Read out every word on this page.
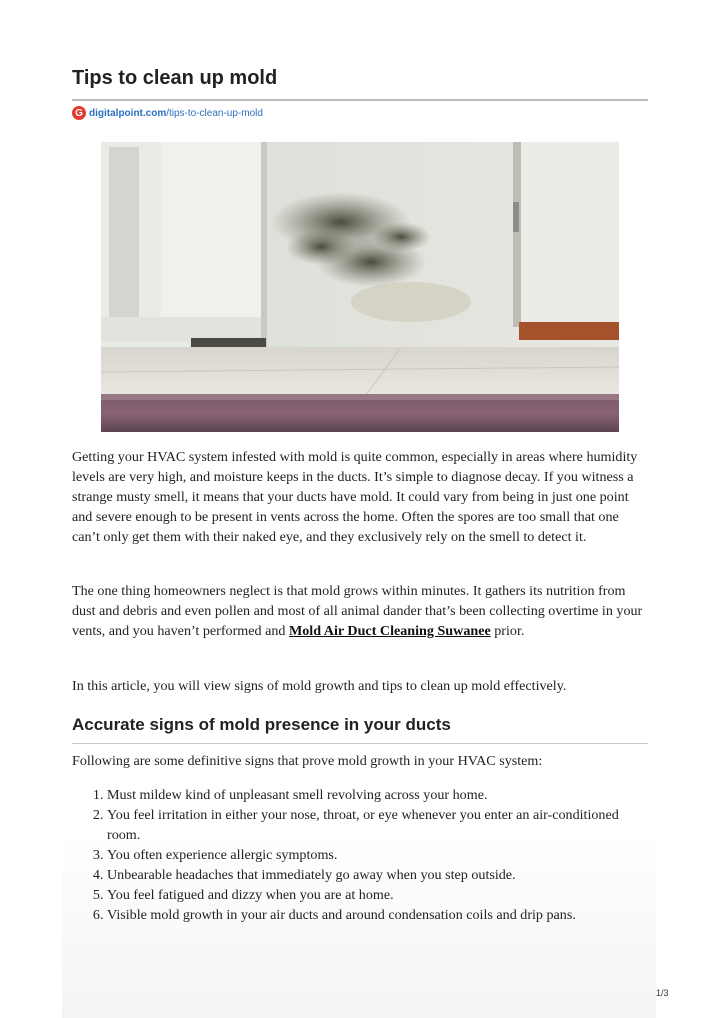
Tips to clean up mold
G digitalpoint.com /tips-to-clean-up-mold

Getting your HVAC system infested with mold is quite common, especially in areas where humidity levels are very high, and moisture keeps in the ducts. It’s simple to diagnose decay. If you witness a strange musty smell, it means that your ducts have mold. It could vary from being in just one point and severe enough to be present in vents across the home. Often the spores are too small that one can’t only get them with their naked eye, and they exclusively rely on the smell to detect it.

The one thing homeowners neglect is that mold grows within minutes. It gathers its nutrition from dust and debris and even pollen and most of all animal dander that’s been collecting overtime in your vents, and you haven’t performed and Mold Air Duct Cleaning Suwanee prior.

In this article, you will view signs of mold growth and tips to clean up mold effectively.

Accurate signs of mold presence in your ducts

Following are some definitive signs that prove mold growth in your HVAC system:

1. Must mildew kind of unpleasant smell revolving across your home.
2. You feel irritation in either your nose, throat, or eye whenever you enter an air-conditioned room.
3. You often experience allergic symptoms.
4. Unbearable headaches that immediately go away when you step outside.
5. You feel fatigued and dizzy when you are at home.
6. Visible mold growth in your air ducts and around condensation coils and drip pans.
1/3
